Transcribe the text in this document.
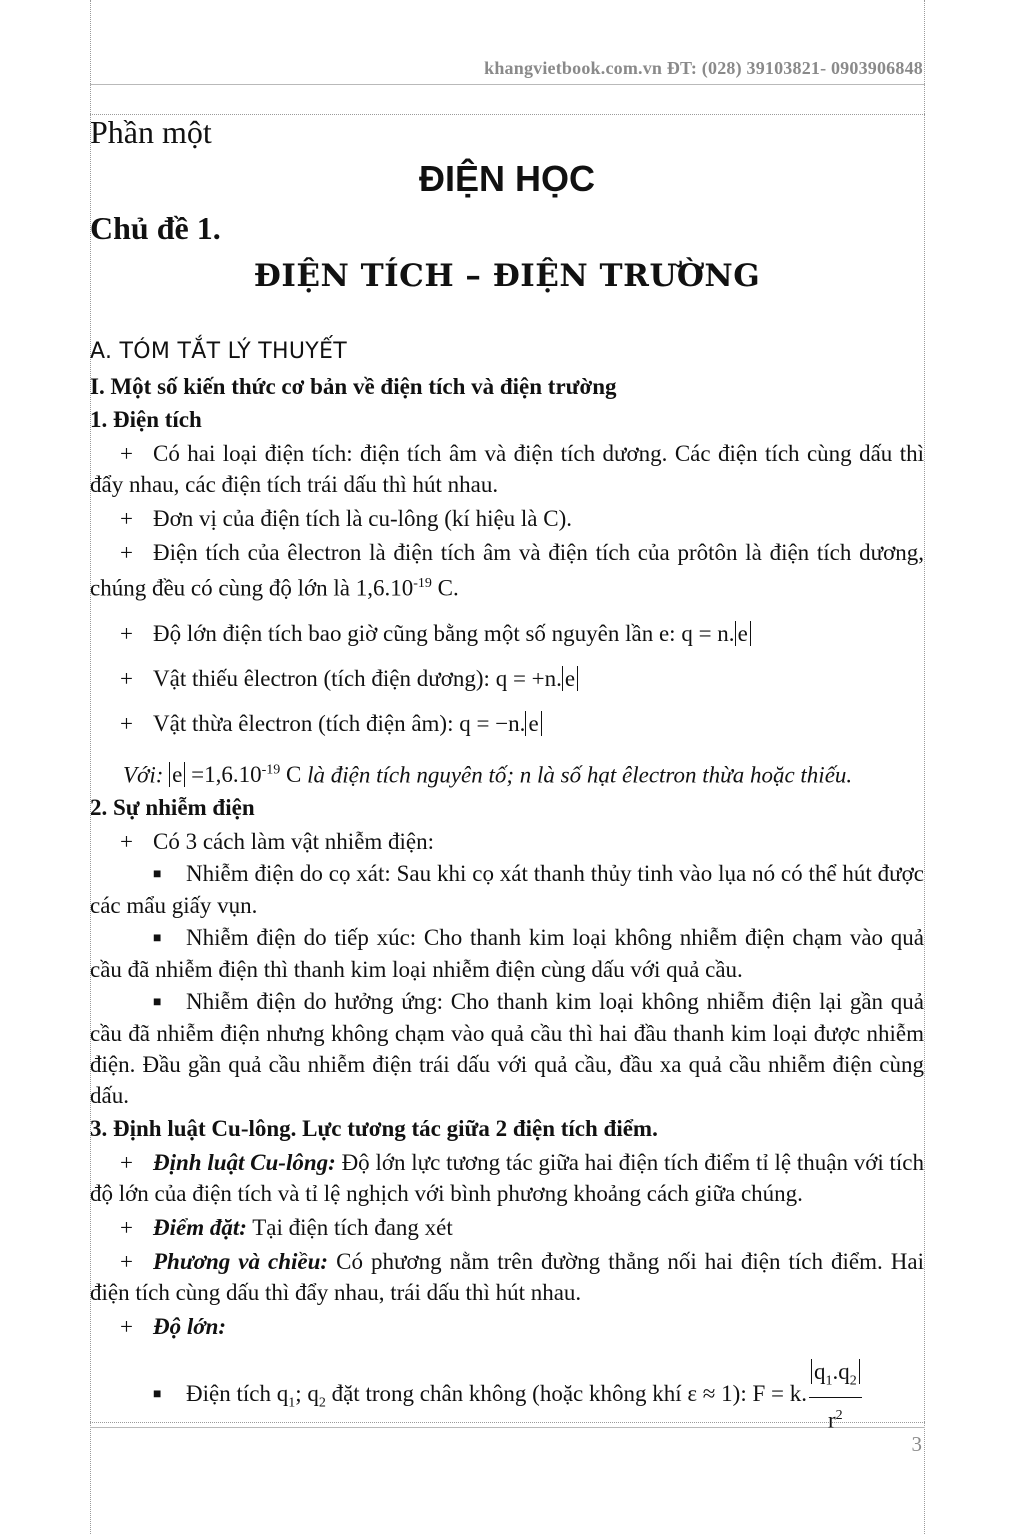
khangvietbook.com.vn ĐT: (028) 39103821- 0903906848
3
Phần một
ĐIỆN HỌC
Chủ đề 1.
ĐIỆN TÍCH – ĐIỆN TRƯỜNG
A. TÓM TẮT LÝ THUYẾT
I. Một số kiến thức cơ bản về điện tích và điện trường
1. Điện tích

+ Có hai loại điện tích: điện tích âm và điện tích dương. Các điện tích cùng dấu thì đẩy nhau, các điện tích trái dấu thì hút nhau.

+ Đơn vị của điện tích là cu-lông (kí hiệu là C).

+ Điện tích của êlectron là điện tích âm và điện tích của prôtôn là điện tích dương, chúng đều có cùng độ lớn là $1,6.10^{-19}$ C.

+ Độ lớn điện tích bao giờ cũng bằng một số nguyên lần e: q = n. e

+ Vật thiếu êlectron (tích điện dương): q = +n. e

+ Vật thừa êlectron (tích điện âm): q = −n. e

Với: $e =1,6.10^{-19}$ C là điện tích nguyên tố; n là số hạt êlectron thừa hoặc thiếu.

2. Sự nhiễm điện

+ Có 3 cách làm vật nhiễm điện:

■ Nhiễm điện do cọ xát: Sau khi cọ xát thanh thủy tinh vào lụa nó có thể hút được các mẩu giấy vụn.

■ Nhiễm điện do tiếp xúc: Cho thanh kim loại không nhiễm điện chạm vào quả cầu đã nhiễm điện thì thanh kim loại nhiễm điện cùng dấu với quả cầu.

■ Nhiễm điện do hưởng ứng: Cho thanh kim loại không nhiễm điện lại gần quả cầu đã nhiễm điện nhưng không chạm vào quả cầu thì hai đầu thanh kim loại được nhiễm điện. Đầu gần quả cầu nhiễm điện trái dấu với quả cầu, đầu xa quả cầu nhiễm điện cùng dấu.

3. Định luật Cu-lông. Lực tương tác giữa 2 điện tích điểm.

+ Định luật Cu-lông: Độ lớn lực tương tác giữa hai điện tích điểm tỉ lệ thuận với tích độ lớn của điện tích và tỉ lệ nghịch với bình phương khoảng cách giữa chúng.

+ Điểm đặt: Tại điện tích đang xét

+ Phương và chiều: Có phương nằm trên đường thẳng nối hai điện tích điểm. Hai điện tích cùng dấu thì đẩy nhau, trái dấu thì hút nhau.

+ Độ lớn:

■ Điện tích $q_1$; $q_2$ đặt trong chân không (hoặc không khí ε ≈ 1): F = k. $\frac{q_1.q_2}{r^2}$
